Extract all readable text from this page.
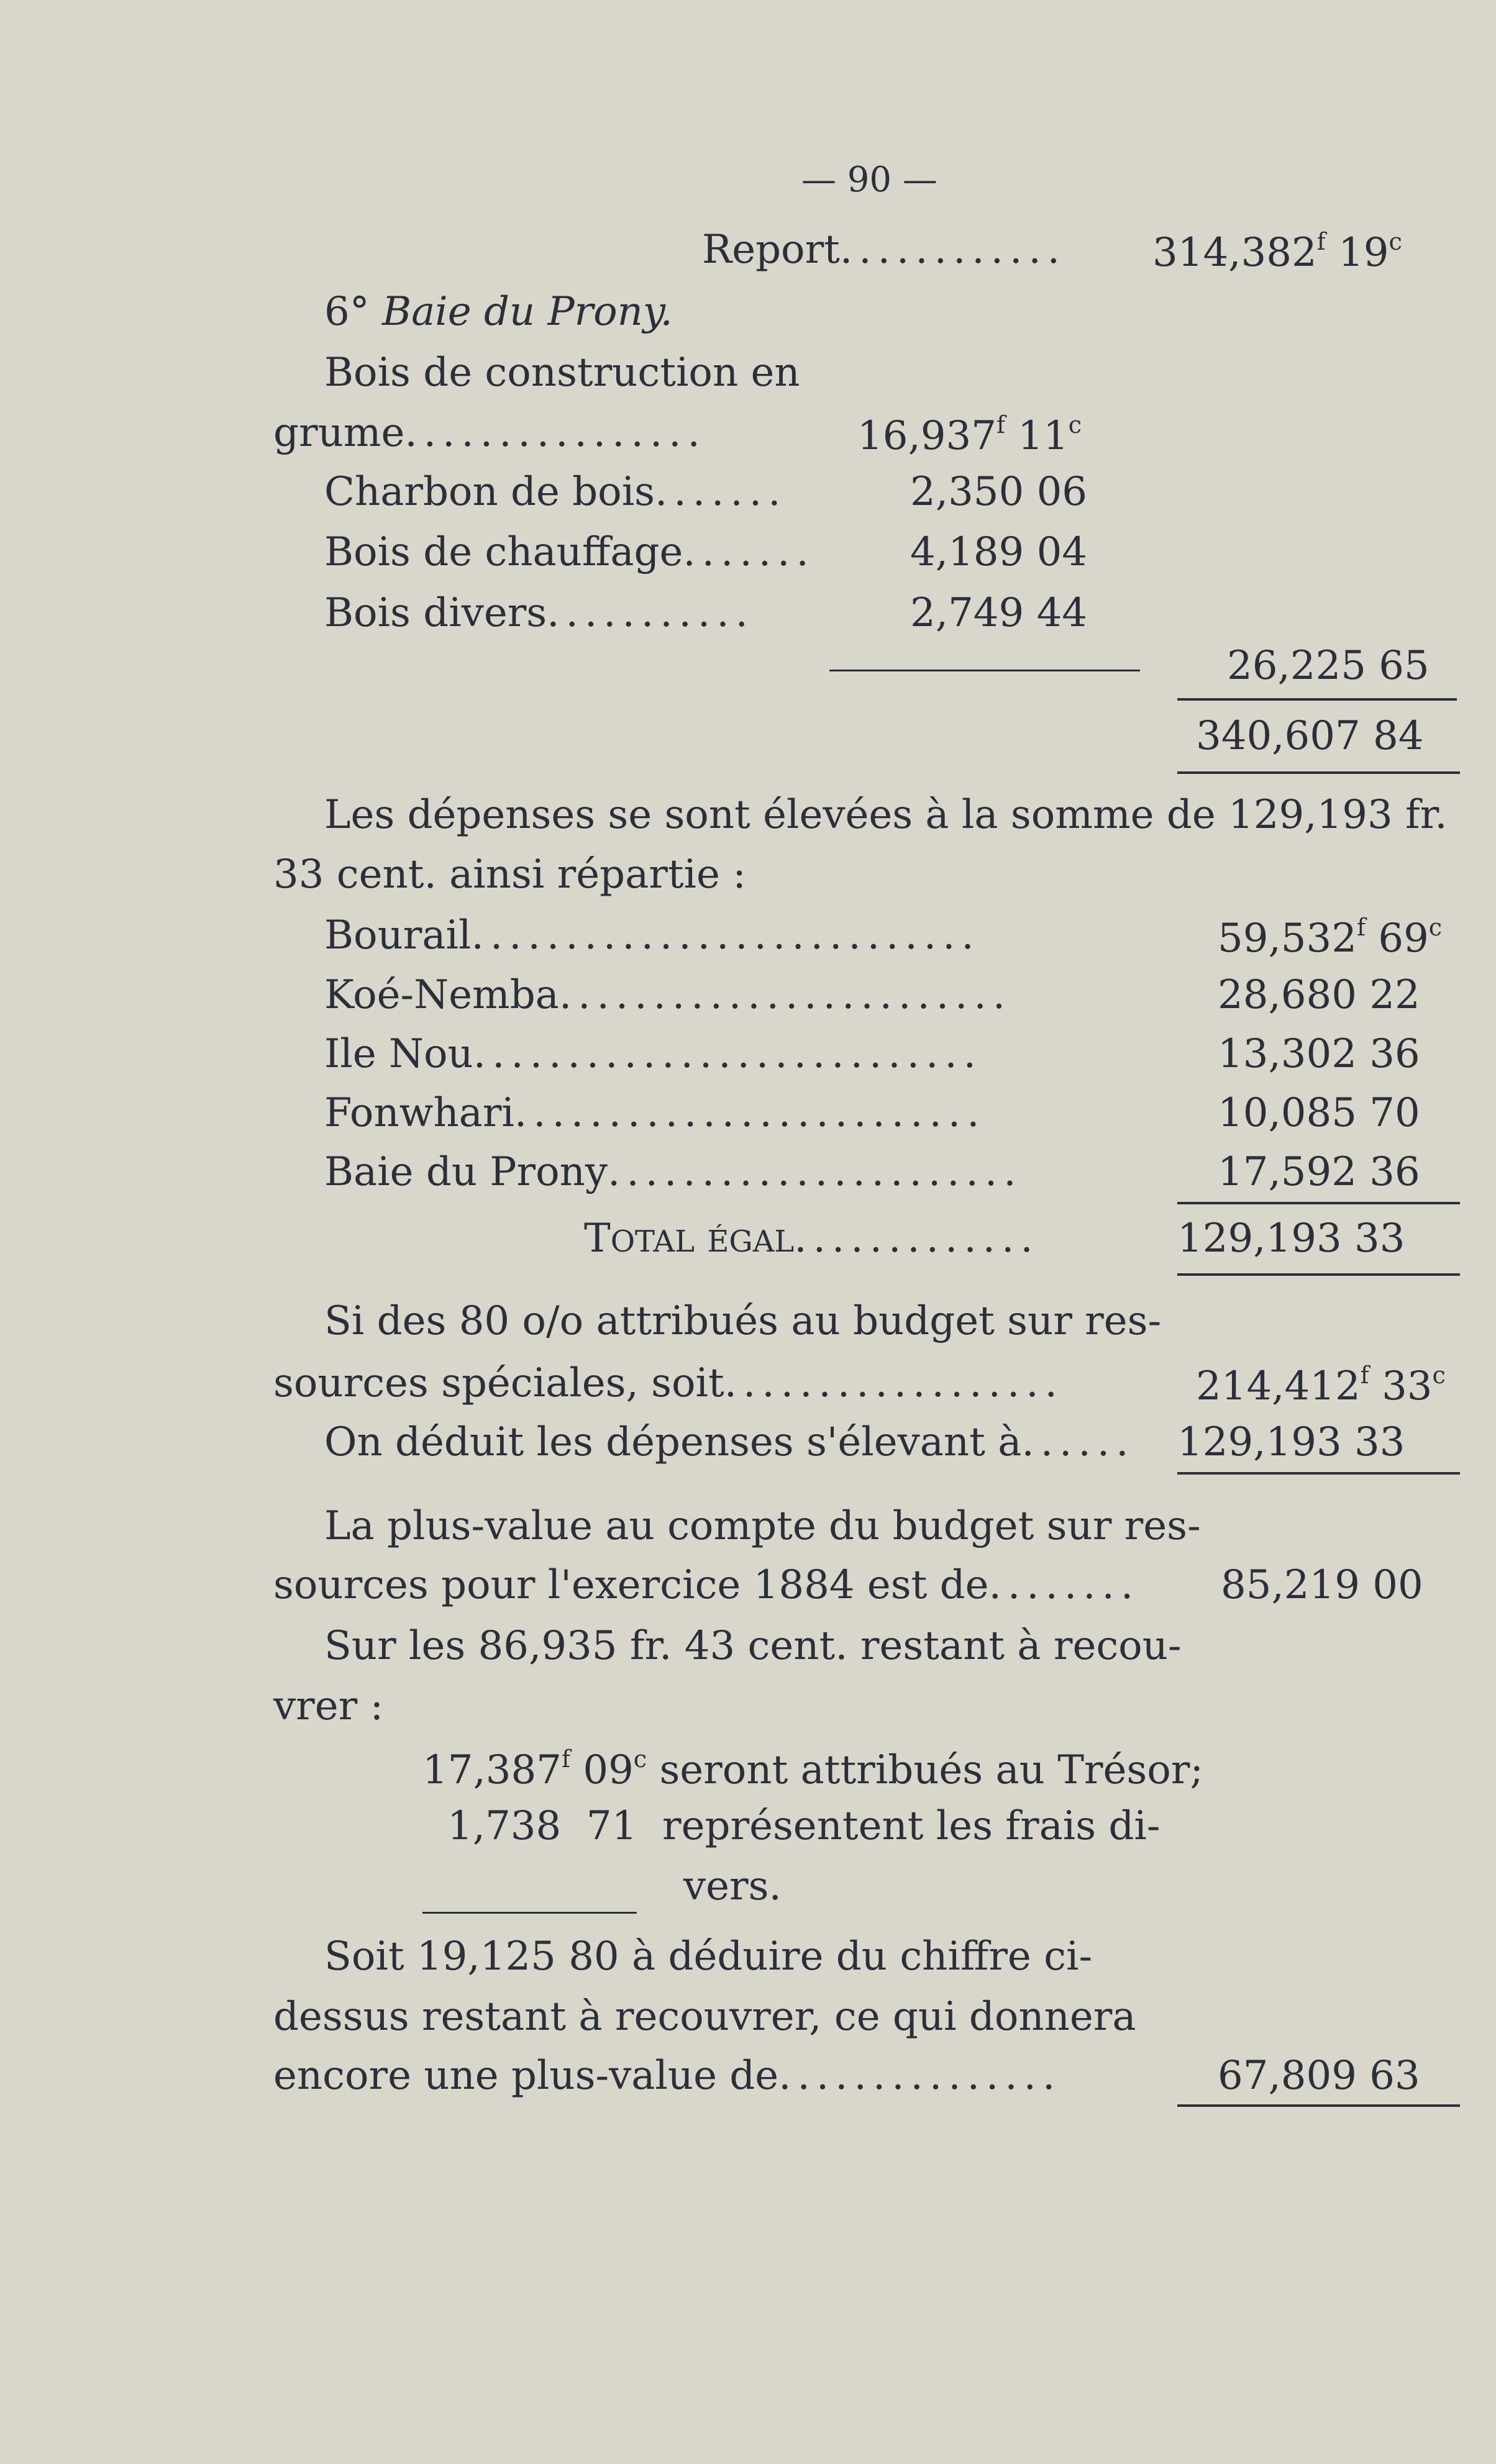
— 90 —
Report............ 314,382$^f$ 19$^c$
6° Baie du Prony.
Bois de construction en
grume................	16,937$^f$ 11$^c$
Charbon de bois.......	2,350 06
Bois de chauffage....... 4,189 04
Bois divers...........	2,749 44
26,225 65
340,607 84
Les dépenses se sont élevées à la somme de 129,193 fr.
33 cent. ainsi répartie :
Bourail...........................	59,532$^f$ 69$^c$
Koé-Nemba........................	28,680 22
Ile Nou...........................	13,302 36
Fonwhari.........................	10,085 70
Baie du Prony......................	17,592 36
TOTAL ÉGAL.............	129,193 33
Si des 80 o/o attribués au budget sur res-
sources spéciales, soit..................	214,412$^f$ 33$^c$
On déduit les dépenses s'élevant à...... 129,193 33
La plus-value au compte du budget sur res-
sources pour l'exercice 1884 est de........ 85,219 00
Sur les 86,935 fr. 43 cent. restant à recou-
vrer :
17,387$^f$ 09$^c$ seront attribués au Trésor;
1,738 71 représentent les frais di-
vers.
Soit 19,125 80 à déduire du chiffre ci-
dessus restant à recouvrer, ce qui donnera
encore une plus-value de...............	67,809 63
